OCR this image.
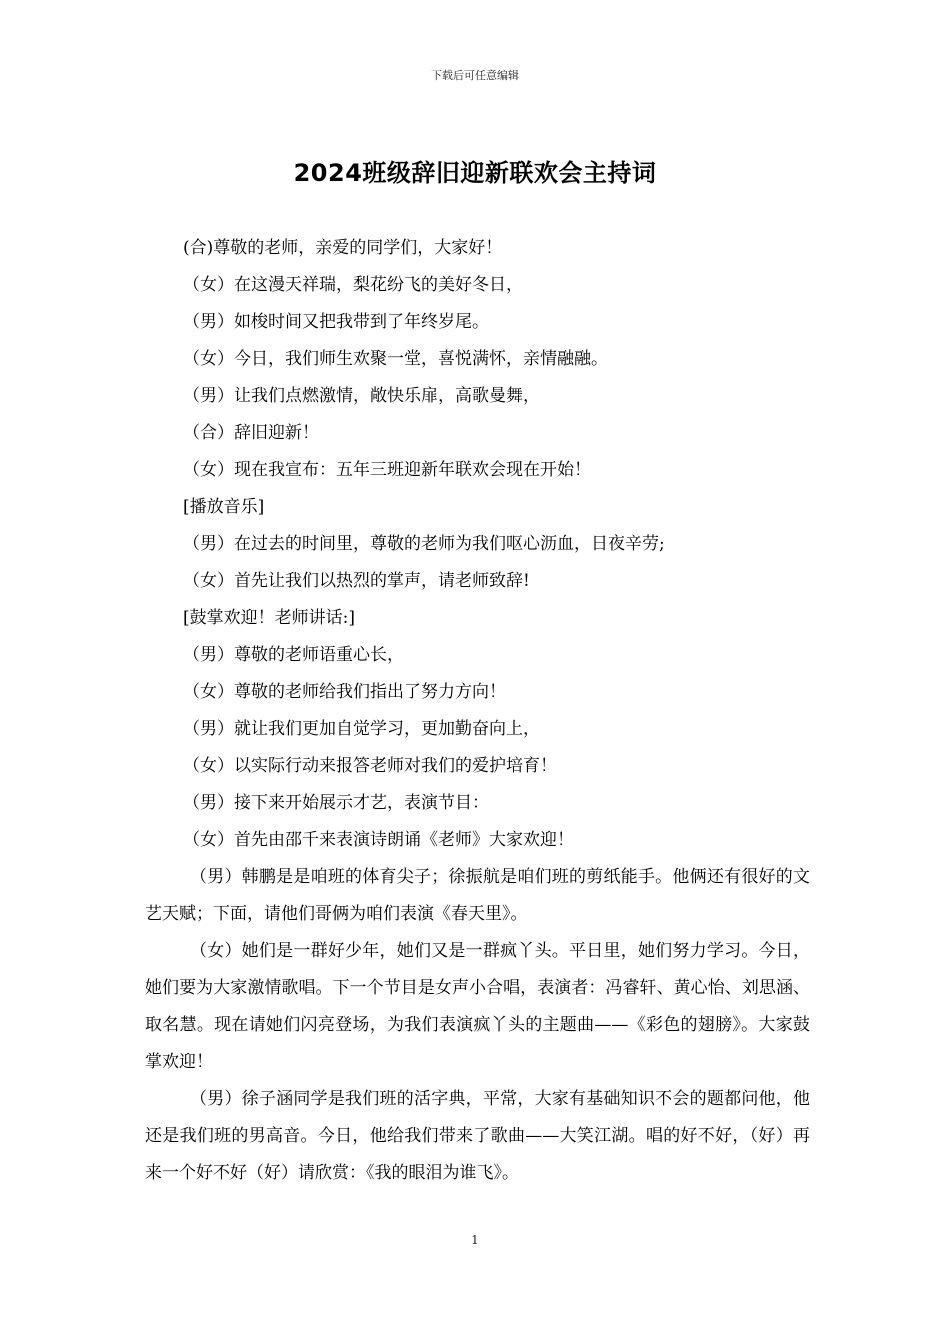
下载后可任意编辑
2024班级辞旧迎新联欢会主持词

(合)尊敬的老师，亲爱的同学们，大家好！

（女）在这漫天祥瑞，梨花纷飞的美好冬日，

（男）如梭时间又把我带到了年终岁尾。

（女）今日，我们师生欢聚一堂，喜悦满怀，亲情融融。

（男）让我们点燃激情，敞快乐扉，高歌曼舞，

（合）辞旧迎新！

（女）现在我宣布：五年三班迎新年联欢会现在开始！

[播放音乐]

（男）在过去的时间里，尊敬的老师为我们呕心沥血，日夜辛劳;

（女）首先让我们以热烈的掌声，请老师致辞!

[鼓掌欢迎！老师讲话:]

（男）尊敬的老师语重心长，

（女）尊敬的老师给我们指出了努力方向！

（男）就让我们更加自觉学习，更加勤奋向上，

（女）以实际行动来报答老师对我们的爱护培育！

（男）接下来开始展示才艺，表演节目：

（女）首先由邵千来表演诗朗诵《老师》大家欢迎！

（男）韩鹏是是咱班的体育尖子；徐振航是咱们班的剪纸能手。他俩还有很好的文艺天赋；下面，请他们哥俩为咱们表演《春天里》。

（女）她们是一群好少年，她们又是一群疯丫头。平日里，她们努力学习。今日，她们要为大家激情歌唱。下一个节目是女声小合唱，表演者：冯睿轩、黄心怡、刘思涵、取名慧。现在请她们闪亮登场，为我们表演疯丫头的主题曲——《彩色的翅膀》。大家鼓掌欢迎！

（男）徐子涵同学是我们班的活字典，平常，大家有基础知识不会的题都问他，他还是我们班的男高音。今日，他给我们带来了歌曲——大笑江湖。唱的好不好，（好）再来一个好不好（好）请欣赏：《我的眼泪为谁飞》。

1
